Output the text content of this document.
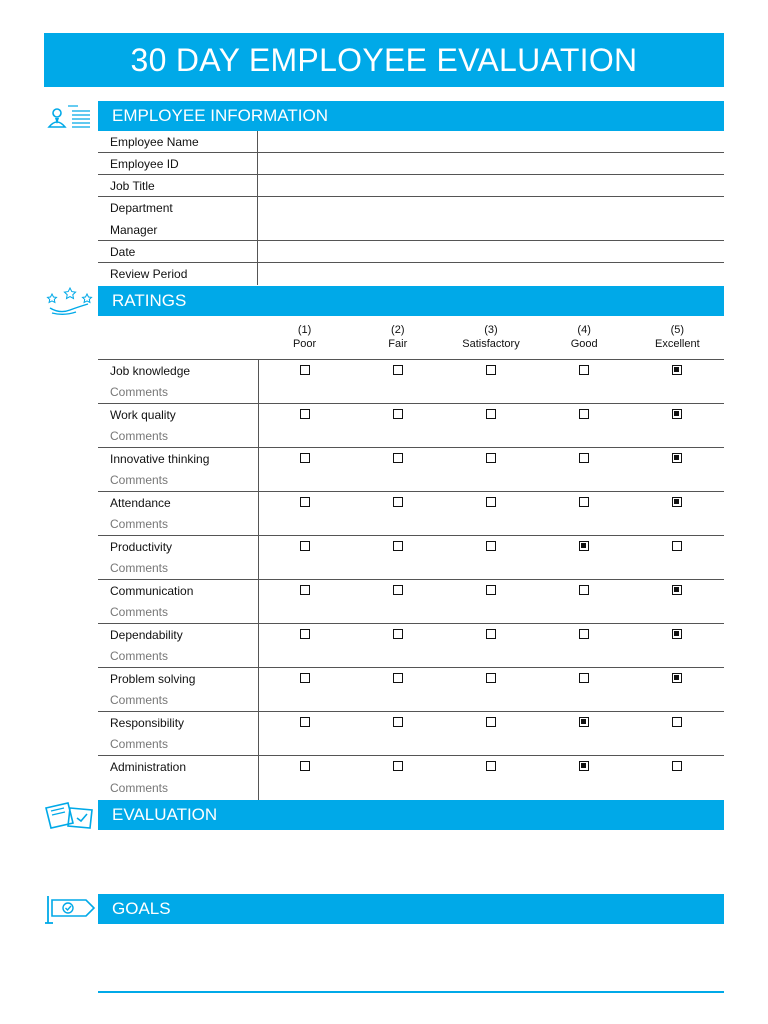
30 DAY EMPLOYEE EVALUATION
EMPLOYEE INFORMATION
Employee Name
Employee ID
Job Title
Department
Manager
Date
Review Period
RATINGS
(1)
Poor
(2)
Fair
(3)
Satisfactory
(4)
Good
(5)
Excellent
Job knowledge
Comments
Work quality
Comments
Innovative thinking
Comments
Attendance
Comments
Productivity
Comments
Communication
Comments
Dependability
Comments
Problem solving
Comments
Responsibility
Comments
Administration
Comments
EVALUATION
GOALS
